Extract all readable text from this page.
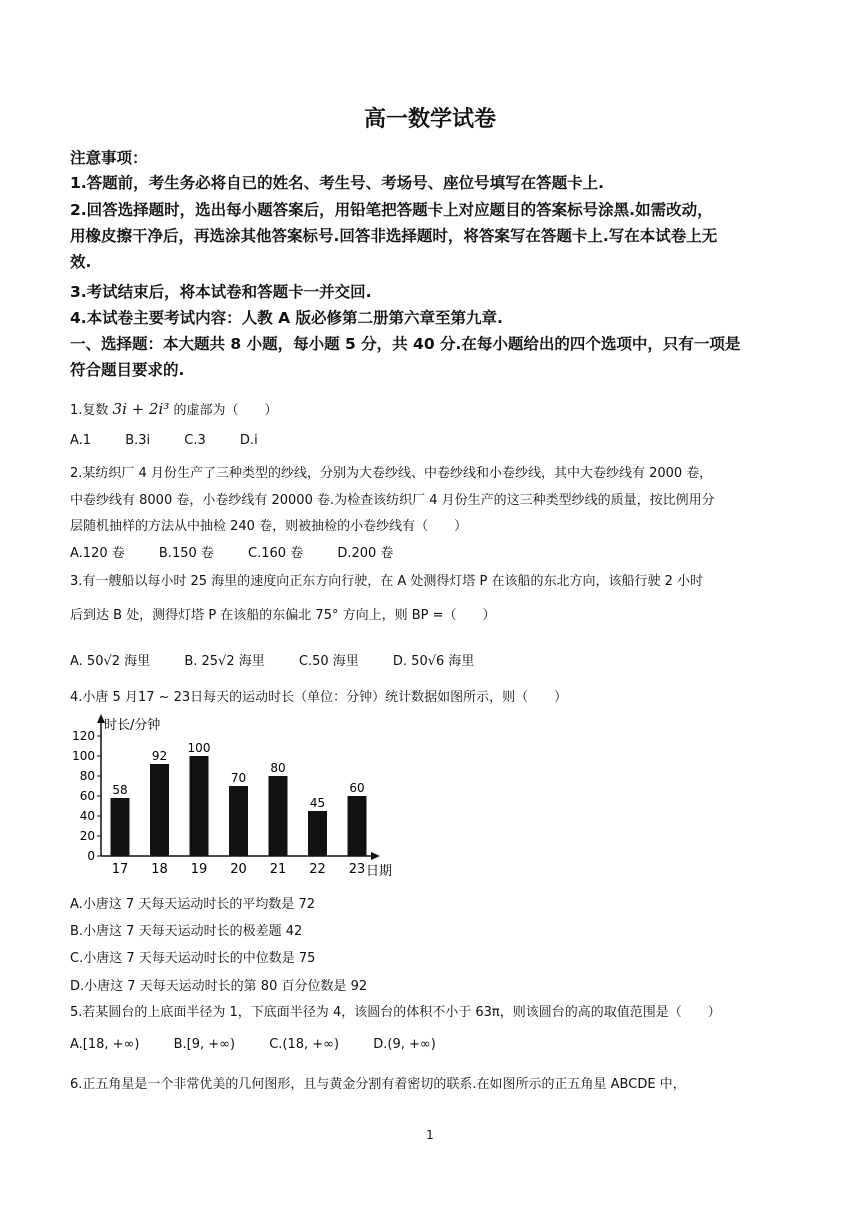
高一数学试卷
注意事项：
1.答题前，考生务必将自已的姓名、考生号、考场号、座位号填写在答题卡上.
2.回答选择题时，选出每小题答案后，用铅笔把答题卡上对应题目的答案标号涂黑.如需改动，
用橡皮擦干净后，再选涂其他答案标号.回答非选择题时，将答案写在答题卡上.写在本试卷上无
效.
3.考试结束后，将本试卷和答题卡一并交回.
4.本试卷主要考试内容：人教 A 版必修第二册第六章至第九章.
一、选择题：本大题共 8 小题，每小题 5 分，共 40 分.在每小题给出的四个选项中，只有一项是
符合题目要求的.
1.复数 3i + 2i³ 的虚部为（　　）
A.1	B.3i	C.3	D.i
2.某纺织厂 4 月份生产了三种类型的纱线，分别为大卷纱线、中卷纱线和小卷纱线，其中大卷纱线有 2000 卷，
中卷纱线有 8000 卷，小卷纱线有 20000 卷.为检查该纺织厂 4 月份生产的这三种类型纱线的质量，按比例用分
层随机抽样的方法从中抽检 240 卷，则被抽检的小卷纱线有（　　）
A.120 卷	B.150 卷	C.160 卷	D.200 卷
3.有一艘船以每小时 25 海里的速度向正东方向行驶，在 A 处测得灯塔 P 在该船的东北方向，该船行驶 2 小时
后到达 B 处，测得灯塔 P 在该船的东偏北 75° 方向上，则 BP =（　　）
A. 50√2 海里	B. 25√2 海里	C.50 海里	D. 50√6 海里
4.小唐 5 月17 ~ 23日每天的运动时长（单位：分钟）统计数据如图所示，则（　　）
时长/分钟
日期
0
20
40
60
80
100
120
58
92
100
70
80
45
60
17 18 19 20 21 22 23
A.小唐这 7 天每天运动时长的平均数是 72
B.小唐这 7 天每天运动时长的极差题 42
C.小唐这 7 天每天运动时长的中位数是 75
D.小唐这 7 天每天运动时长的第 80 百分位数是 92
5.若某圆台的上底面半径为 1，下底面半径为 4，该圆台的体积不小于 63π，则该圆台的高的取值范围是（　　）
A.[18, +∞)	B.[9, +∞)	C.(18, +∞)	D.(9, +∞)
6.正五角星是一个非常优美的几何图形，且与黄金分割有着密切的联系.在如图所示的正五角星 ABCDE 中，
1
